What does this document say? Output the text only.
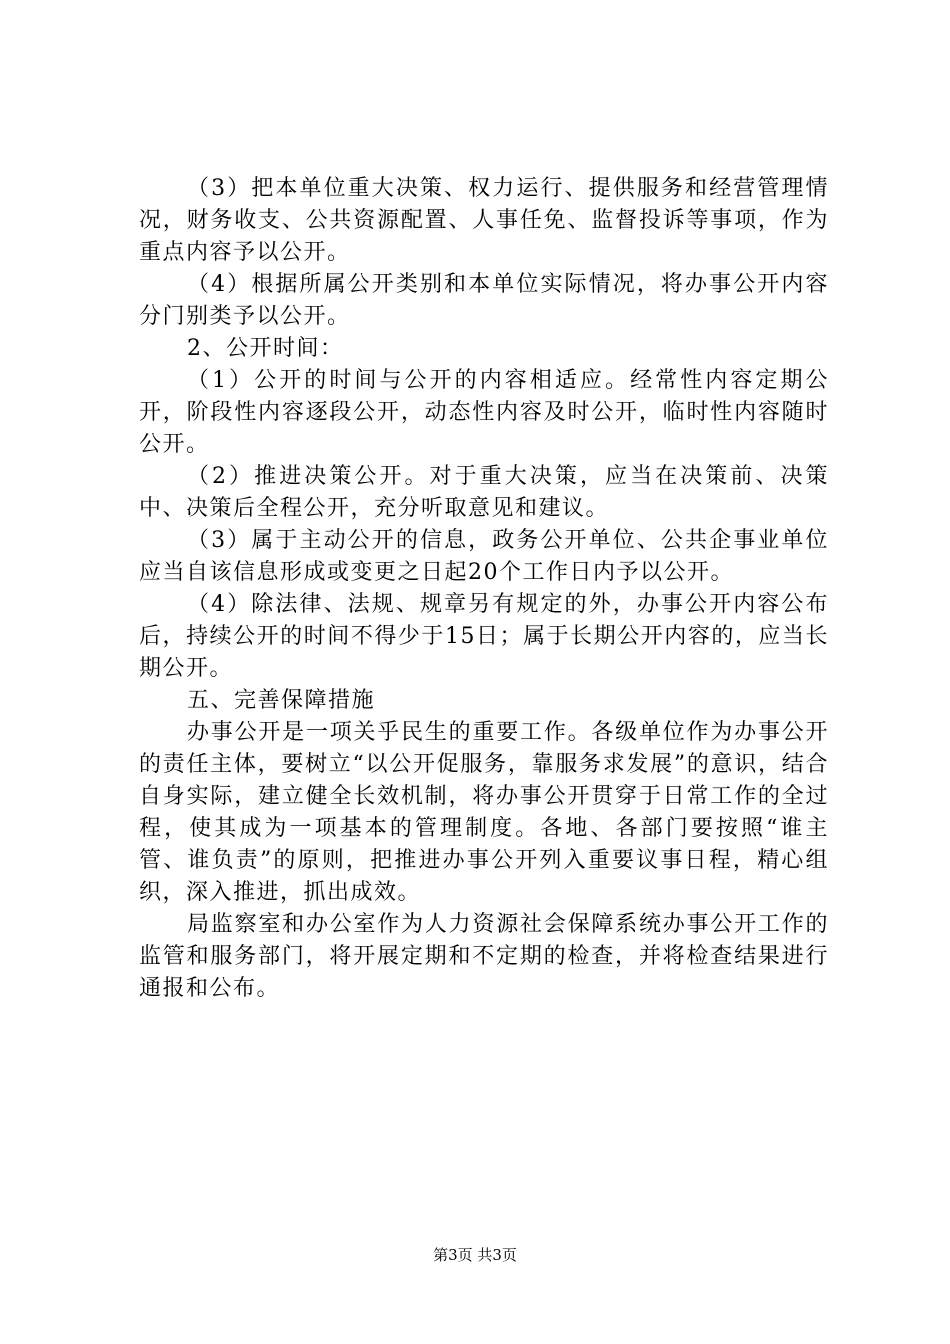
（3）把本单位重大决策、权力运行、提供服务和经营管理情况，财务收支、公共资源配置、人事任免、监督投诉等事项，作为重点内容予以公开。

（4）根据所属公开类别和本单位实际情况，将办事公开内容分门别类予以公开。

2、公开时间：

（1）公开的时间与公开的内容相适应。经常性内容定期公开，阶段性内容逐段公开，动态性内容及时公开，临时性内容随时公开。

（2）推进决策公开。对于重大决策，应当在决策前、决策中、决策后全程公开，充分听取意见和建议。

（3）属于主动公开的信息，政务公开单位、公共企事业单位应当自该信息形成或变更之日起20个工作日内予以公开。

（4）除法律、法规、规章另有规定的外，办事公开内容公布后，持续公开的时间不得少于15日；属于长期公开内容的，应当长期公开。

五、完善保障措施

办事公开是一项关乎民生的重要工作。各级单位作为办事公开的责任主体，要树立“以公开促服务，靠服务求发展”的意识，结合自身实际，建立健全长效机制，将办事公开贯穿于日常工作的全过程，使其成为一项基本的管理制度。各地、各部门要按照“谁主管、谁负责”的原则，把推进办事公开列入重要议事日程，精心组织，深入推进，抓出成效。

局监察室和办公室作为人力资源社会保障系统办事公开工作的监管和服务部门，将开展定期和不定期的检查，并将检查结果进行通报和公布。

第3页 共3页
